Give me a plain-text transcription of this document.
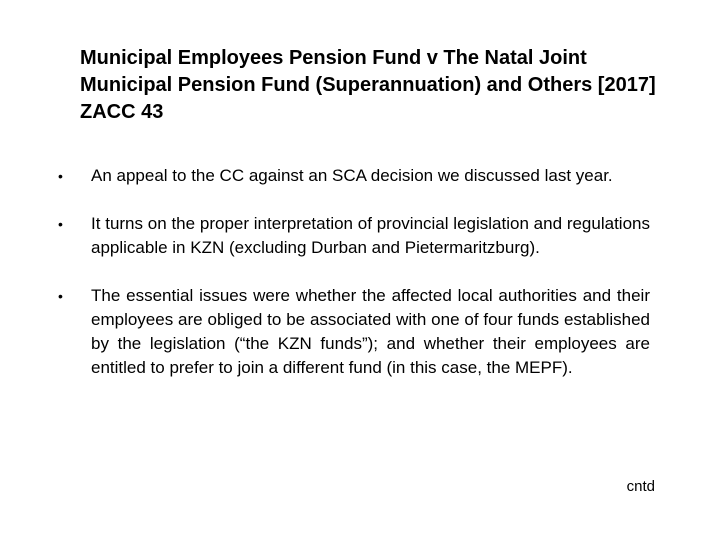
Municipal Employees Pension Fund v The Natal Joint Municipal Pension Fund (Superannuation) and Others [2017] ZACC 43
• An appeal to the CC against an SCA decision we discussed last year.
• It turns on the proper interpretation of provincial legislation and regulations applicable in KZN (excluding Durban and Pietermaritzburg).
• The essential issues were whether the affected local authorities and their employees are obliged to be associated with one of four funds established by the legislation (“the KZN funds”); and whether their employees are entitled to prefer to join a different fund (in this case, the MEPF).
cntd
